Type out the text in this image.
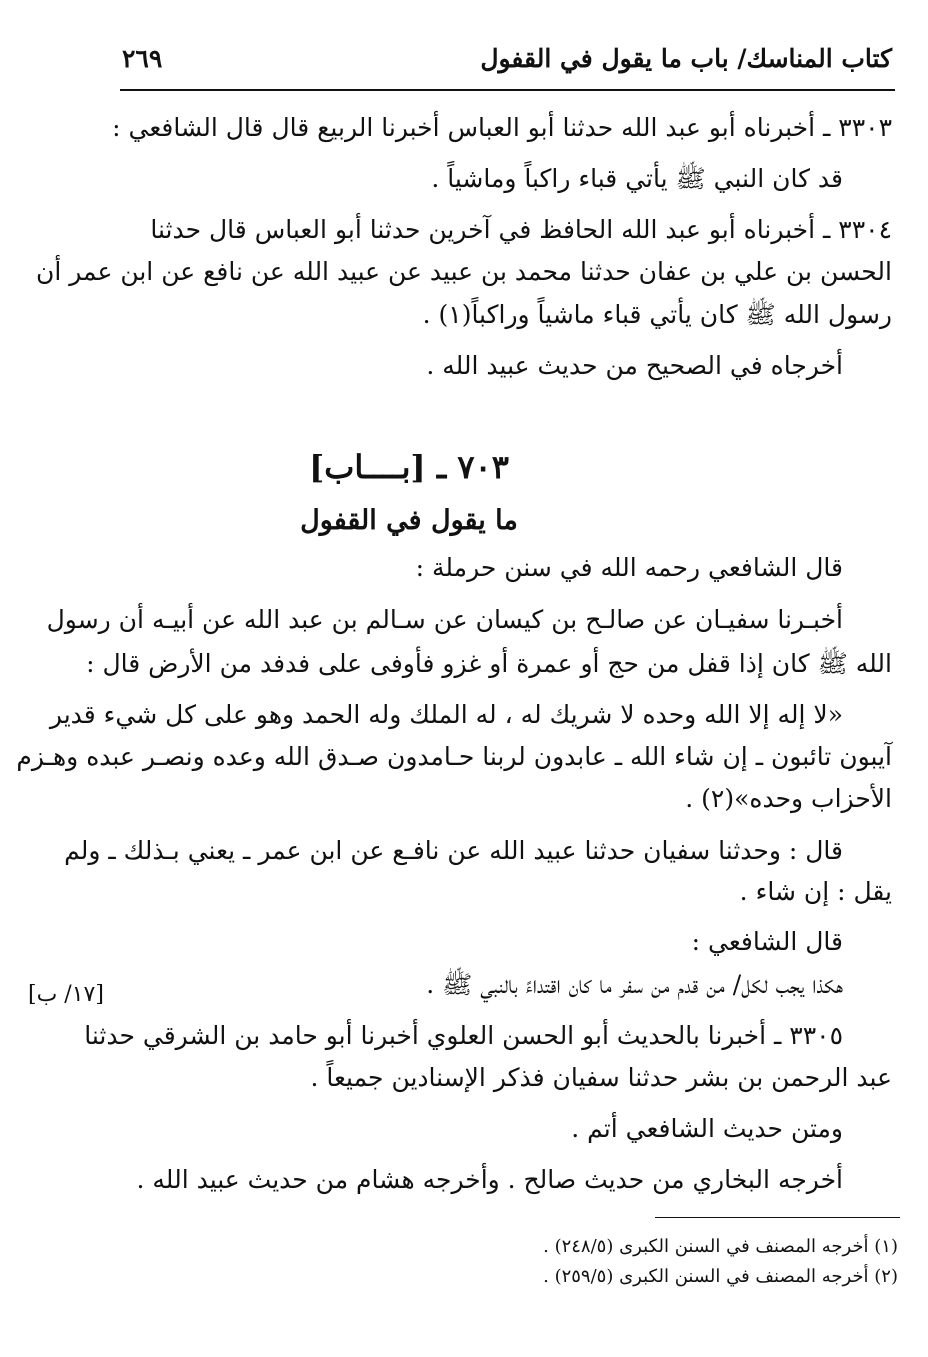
كتاب المناسك/ باب ما يقول في القفول
٢٦٩
٣٣٠٣ ـ أخبرناه أبو عبد الله حدثنا أبو العباس أخبرنا الربيع قال قال الشافعي :
قد كان النبي ﷺ يأتي قباء راكباً وماشياً .
٣٣٠٤ ـ أخبرناه أبو عبد الله الحافظ في آخرين حدثنا أبو العباس قال حدثنا
الحسن بن علي بن عفان حدثنا محمد بن عبيد عن عبيد الله عن نافع عن ابن عمر أن
رسول الله ﷺ كان يأتي قباء ماشياً وراكباً(١) .
أخرجاه في الصحيح من حديث عبيد الله .
٧٠٣ ـ [بــــاب]
ما يقول في القفول
قال الشافعي رحمه الله في سنن حرملة :
أخبـرنا سفيـان عن صالـح بن كيسان عن سـالم بن عبد الله عن أبيـه أن رسول
الله ﷺ كان إذا قفل من حج أو عمرة أو غزو فأوفى على فدفد من الأرض قال :
«لا إله إلا الله وحده لا شريك له ، له الملك وله الحمد وهو على كل شيء قدير
آيبون تائبون ـ إن شاء الله ـ عابدون لربنا حـامدون صـدق الله وعده ونصـر عبده وهـزم
الأحزاب وحده»(٢) .
قال : وحدثنا سفيان حدثنا عبيد الله عن نافـع عن ابن عمر ـ يعني بـذلك ـ ولم
يقل : إن شاء .
قال الشافعي :
هكذا يجب لكل/ من قدم من سفر ما كان اقتداءً بالنبي ﷺ .
[١٧/ ب]
٣٣٠٥ ـ أخبرنا بالحديث أبو الحسن العلوي أخبرنا أبو حامد بن الشرقي حدثنا
عبد الرحمن بن بشر حدثنا سفيان فذكر الإسنادين جميعاً .
ومتن حديث الشافعي أتم .
أخرجه البخاري من حديث صالح . وأخرجه هشام من حديث عبيد الله .
(١) أخرجه المصنف في السنن الكبرى (٢٤٨/٥) .
(٢) أخرجه المصنف في السنن الكبرى (٢٥٩/٥) .
